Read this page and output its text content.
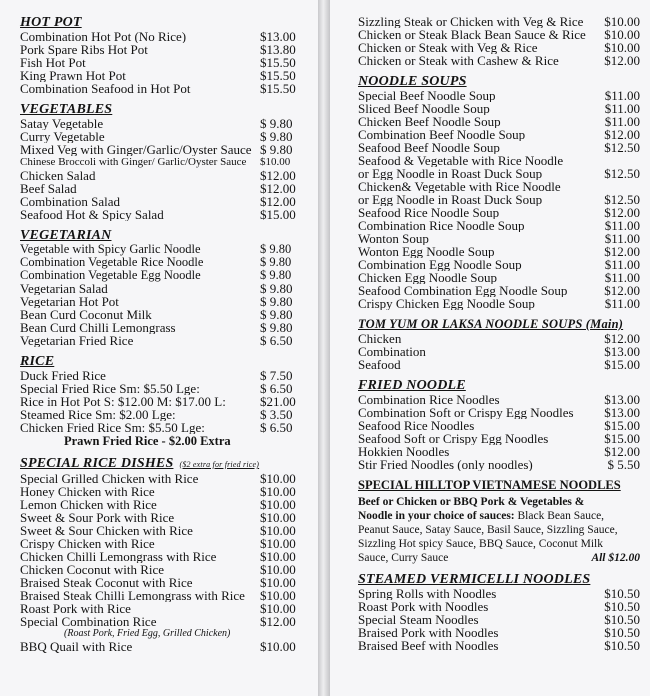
HOT POT
Combination Hot Pot (No Rice)	$13.00
Pork Spare Ribs Hot Pot	$13.80
Fish Hot Pot	$15.50
King Prawn Hot Pot	$15.50
Combination Seafood in Hot Pot	$15.50
VEGETABLES
Satay Vegetable	$ 9.80
Curry Vegetable	$ 9.80
Mixed Veg with Ginger/Garlic/Oyster Sauce $ 9.80
Chinese Broccoli with Ginger/ Garlic/Oyster Sauce	$10.00
Chicken Salad	$12.00
Beef Salad	$12.00
Combination Salad	$12.00
Seafood Hot & Spicy Salad	$15.00
VEGETARIAN
Vegetable with Spicy Garlic Noodle	$ 9.80
Combination Vegetable Rice Noodle	$ 9.80
Combination Vegetable Egg Noodle	$ 9.80
Vegetarian Salad	$ 9.80
Vegetarian Hot Pot	$ 9.80
Bean Curd Coconut Milk	$ 9.80
Bean Curd Chilli Lemongrass	$ 9.80
Vegetarian Fried Rice	$ 6.50
RICE
Duck Fried Rice	$ 7.50
Special Fried Rice Sm: $5.50 Lge:	$ 6.50
Rice in Hot Pot S: $12.00 M: $17.00 L:	$21.00
Steamed Rice Sm: $2.00 Lge:	$ 3.50
Chicken Fried Rice Sm: $5.50 Lge:	$ 6.50
Prawn Fried Rice - $2.00 Extra
SPECIAL RICE DISHES ($2 extra for fried rice)
Special Grilled Chicken with Rice	$10.00
Honey Chicken with Rice	$10.00
Lemon Chicken with Rice	$10.00
Sweet & Sour Pork with Rice	$10.00
Sweet & Sour Chicken with Rice	$10.00
Crispy Chicken with Rice	$10.00
Chicken Chilli Lemongrass with Rice	$10.00
Chicken Coconut with Rice	$10.00
Braised Steak Coconut with Rice	$10.00
Braised Steak Chilli Lemongrass with Rice	$10.00
Roast Pork with Rice	$10.00
Special Combination Rice	$12.00
(Roast Pork, Fried Egg, Grilled Chicken)
BBQ Quail with Rice	$10.00
Sizzling Steak or Chicken with Veg & Rice	$10.00
Chicken or Steak Black Bean Sauce & Rice	$10.00
Chicken or Steak with Veg & Rice	$10.00
Chicken or Steak with Cashew & Rice	$12.00
NOODLE SOUPS
Special Beef Noodle Soup	$11.00
Sliced Beef Noodle Soup	$11.00
Chicken Beef Noodle Soup	$11.00
Combination Beef Noodle Soup	$12.00
Seafood Beef Noodle Soup	$12.50
Seafood & Vegetable with Rice Noodle
or Egg Noodle in Roast Duck Soup	$12.50
Chicken& Vegetable with Rice Noodle
or Egg Noodle in Roast Duck Soup	$12.50
Seafood Rice Noodle Soup	$12.00
Combination Rice Noodle Soup	$11.00
Wonton Soup	$11.00
Wonton Egg Noodle Soup	$12.00
Combination Egg Noodle Soup	$11.00
Chicken Egg Noodle Soup	$11.00
Seafood Combination Egg Noodle Soup	$12.00
Crispy Chicken Egg Noodle Soup	$11.00
TOM YUM OR LAKSA NOODLE SOUPS (Main)
Chicken	$12.00
Combination	$13.00
Seafood	$15.00
FRIED NOODLE
Combination Rice Noodles	$13.00
Combination Soft or Crispy Egg Noodles	$13.00
Seafood Rice Noodles	$15.00
Seafood Soft or Crispy Egg Noodles	$15.00
Hokkien Noodles	$12.00
Stir Fried Noodles (only noodles)	$ 5.50
SPECIAL HILLTOP VIETNAMESE NOODLES
Beef or Chicken or BBQ Pork & Vegetables &
Noodle in your choice of sauces: Black Bean Sauce,
Peanut Sauce, Satay Sauce, Basil Sauce, Sizzling Sauce,
Sizzling Hot spicy Sauce, BBQ Sauce, Coconut Milk
Sauce, Curry Sauce	All $12.00
STEAMED VERMICELLI NOODLES
Spring Rolls with Noodles	$10.50
Roast Pork with Noodles	$10.50
Special Steam Noodles	$10.50
Braised Pork with Noodles	$10.50
Braised Beef with Noodles	$10.50
